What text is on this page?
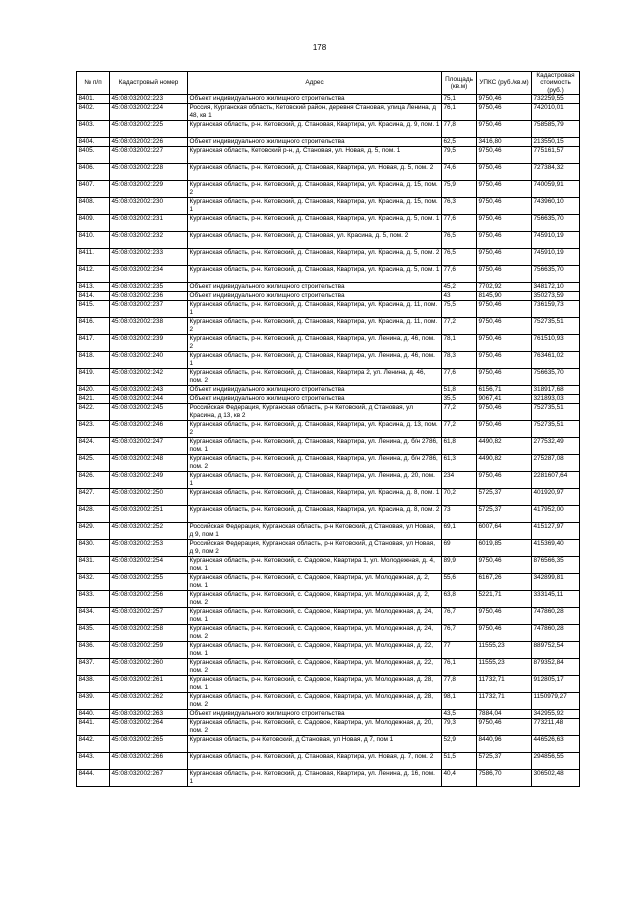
178
№ п/п	Кадастровый номер	Адрес	Площадь (кв.м)	УПКС (руб./кв.м)	Кадастровая стоимость (руб.)
8401.	45:08:032002:223	Объект индивидуального жилищного строительства	75,1	9750,46	732259,55
8402.	45:08:032002:224	Россия, Курганская область, Кетовский район, деревня Становая, улица Ленина, д 48, кв 1	76,1	9750,46	742010,01
8403.	45:08:032002:225	Курганская область, р-н. Кетовский, д. Становая, Квартира, ул. Красина, д. 9, пом. 1	77,8	9750,46	758585,79
8404.	45:08:032002:226	Объект индивидуального жилищного строительства	62,5	3416,80	213550,15
8405.	45:08:032002:227	Курганская область, Кетовский р-н, д. Становая, ул. Новая, д. 5, пом. 1	79,5	9750,46	775161,57
8406.	45:08:032002:228	Курганская область, р-н. Кетовский, д. Становая, Квартира, ул. Новая, д. 5, пом. 2	74,6	9750,46	727384,32
8407.	45:08:032002:229	Курганская область, р-н. Кетовский, д. Становая, Квартира, ул. Красина, д. 15, пом. 2	75,9	9750,46	740059,91
8408.	45:08:032002:230	Курганская область, р-н. Кетовский, д. Становая, Квартира, ул. Красина, д. 15, пом. 1	76,3	9750,46	743960,10
8409.	45:08:032002:231	Курганская область, р-н. Кетовский, д. Становая, Квартира, ул. Красина, д. 5, пом. 1	77,6	9750,46	756635,70
8410.	45:08:032002:232	Курганская область, р-н. Кетовский, д. Становая, ул. Красина, д. 5, пом. 2	76,5	9750,46	745910,19
8411.	45:08:032002:233	Курганская область, р-н. Кетовский, д. Становая, Квартира, ул. Красина, д. 5, пом. 2	76,5	9750,46	745910,19
8412.	45:08:032002:234	Курганская область, р-н. Кетовский, д. Становая, Квартира, ул. Красина, д. 5, пом. 1	77,6	9750,46	756635,70
8413.	45:08:032002:235	Объект индивидуального жилищного строительства	45,2	7702,92	348172,10
8414.	45:08:032002:236	Объект индивидуального жилищного строительства	43	8145,90	350273,59
8415.	45:08:032002:237	Курганская область, р-н. Кетовский, д. Становая, Квартира, ул. Красина, д. 11, пом. 1	75,5	9750,46	736159,73
8416.	45:08:032002:238	Курганская область, р-н. Кетовский, д. Становая, Квартира, ул. Красина, д. 11, пом. 2	77,2	9750,46	752735,51
8417.	45:08:032002:239	Курганская область, р-н. Кетовский, д. Становая, Квартира, ул. Ленина, д. 46, пом. 2	78,1	9750,46	761510,93
8418.	45:08:032002:240	Курганская область, р-н. Кетовский, д. Становая, Квартира, ул. Ленина, д. 46, пом. 1	78,3	9750,46	763461,02
8419.	45:08:032002:242	Курганская область, р-н. Кетовский, д. Становая, Квартира 2, ул. Ленина, д. 46, пом. 2	77,6	9750,46	756635,70
8420.	45:08:032002:243	Объект индивидуального жилищного строительства	51,8	6156,71	318917,68
8421.	45:08:032002:244	Объект индивидуального жилищного строительства	35,5	9067,41	321893,03
8422.	45:08:032002:245	Российская Федерация, Курганская область, р-н Кетовский, д Становая, ул Красина, д 13, кв 2	77,2	9750,46	752735,51
8423.	45:08:032002:246	Курганская область, р-н. Кетовский, д. Становая, Квартира, ул. Красина, д. 13, пом. 2	77,2	9750,46	752735,51
8424.	45:08:032002:247	Курганская область, р-н. Кетовский, д. Становая, Квартира, ул. Ленина, д. б/н 2786, пом. 1	61,8	4490,82	277532,49
8425.	45:08:032002:248	Курганская область, р-н. Кетовский, д. Становая, Квартира, ул. Ленина, д. б/н 2786, пом. 2	61,3	4490,82	275287,08
8426.	45:08:032002:249	Курганская область, р-н. Кетовский, д. Становая, Квартира, ул. Ленина, д. 20, пом. 1	234	9750,46	2281607,64
8427.	45:08:032002:250	Курганская область, р-н. Кетовский, д. Становая, Квартира, ул. Красина, д. 8, пом. 1	70,2	5725,37	401920,97
8428.	45:08:032002:251	Курганская область, р-н. Кетовский, д. Становая, Квартира, ул. Красина, д. 8, пом. 2	73	5725,37	417952,00
8429.	45:08:032002:252	Российская Федерация, Курганская область, р-н Кетовский, д Становая, ул Новая, д 9, пом 1	69,1	6007,64	415127,97
8430.	45:08:032002:253	Российская Федерация, Курганская область, р-н Кетовский, д Становая, ул Новая, д 9, пом 2	69	6019,85	415369,40
8431.	45:08:032002:254	Курганская область, р-н. Кетовский, с. Садовое, Квартира 1, ул. Молодежная, д. 4, пом. 1	89,9	9750,46	876566,35
8432.	45:08:032002:255	Курганская область, р-н. Кетовский, с. Садовое, Квартира, ул. Молодежная, д. 2, пом. 1	55,6	6167,26	342899,81
8433.	45:08:032002:256	Курганская область, р-н. Кетовский, с. Садовое, Квартира, ул. Молодежная, д. 2, пом. 2	63,8	5221,71	333145,11
8434.	45:08:032002:257	Курганская область, р-н. Кетовский, с. Садовое, Квартира, ул. Молодежная, д. 24, пом. 1	76,7	9750,46	747860,28
8435.	45:08:032002:258	Курганская область, р-н. Кетовский, с. Садовое, Квартира, ул. Молодежная, д. 24, пом. 2	76,7	9750,46	747860,28
8436.	45:08:032002:259	Курганская область, р-н. Кетовский, с. Садовое, Квартира, ул. Молодежная, д. 22, пом. 1	77	11555,23	889752,54
8437.	45:08:032002:260	Курганская область, р-н. Кетовский, с. Садовое, Квартира, ул. Молодежная, д. 22, пом. 2	76,1	11555,23	879352,84
8438.	45:08:032002:261	Курганская область, р-н. Кетовский, с. Садовое, Квартира, ул. Молодежная, д. 28, пом. 1	77,8	11732,71	912805,17
8439.	45:08:032002:262	Курганская область, р-н. Кетовский, с. Садовое, Квартира, ул. Молодежная, д. 28, пом. 2	98,1	11732,71	1150979,27
8440.	45:08:032002:263	Объект индивидуального жилищного строительства	43,5	7884,04	342955,92
8441.	45:08:032002:264	Курганская область, р-н. Кетовский, с. Садовое, Квартира, ул. Молодежная, д. 20, пом. 2	79,3	9750,46	773211,48
8442.	45:08:032002:265	Курганская область, р-н Кетовский, д Становая, ул Новая, д 7, пом 1	52,9	8440,96	446526,63
8443.	45:08:032002:266	Курганская область, р-н. Кетовский, д. Становая, Квартира, ул. Новая, д. 7, пом. 2	51,5	5725,37	294856,55
8444.	45:08:032002:267	Курганская область, р-н. Кетовский, д. Становая, Квартира, ул. Ленина, д. 16, пом. 1	40,4	7586,70	306502,48
